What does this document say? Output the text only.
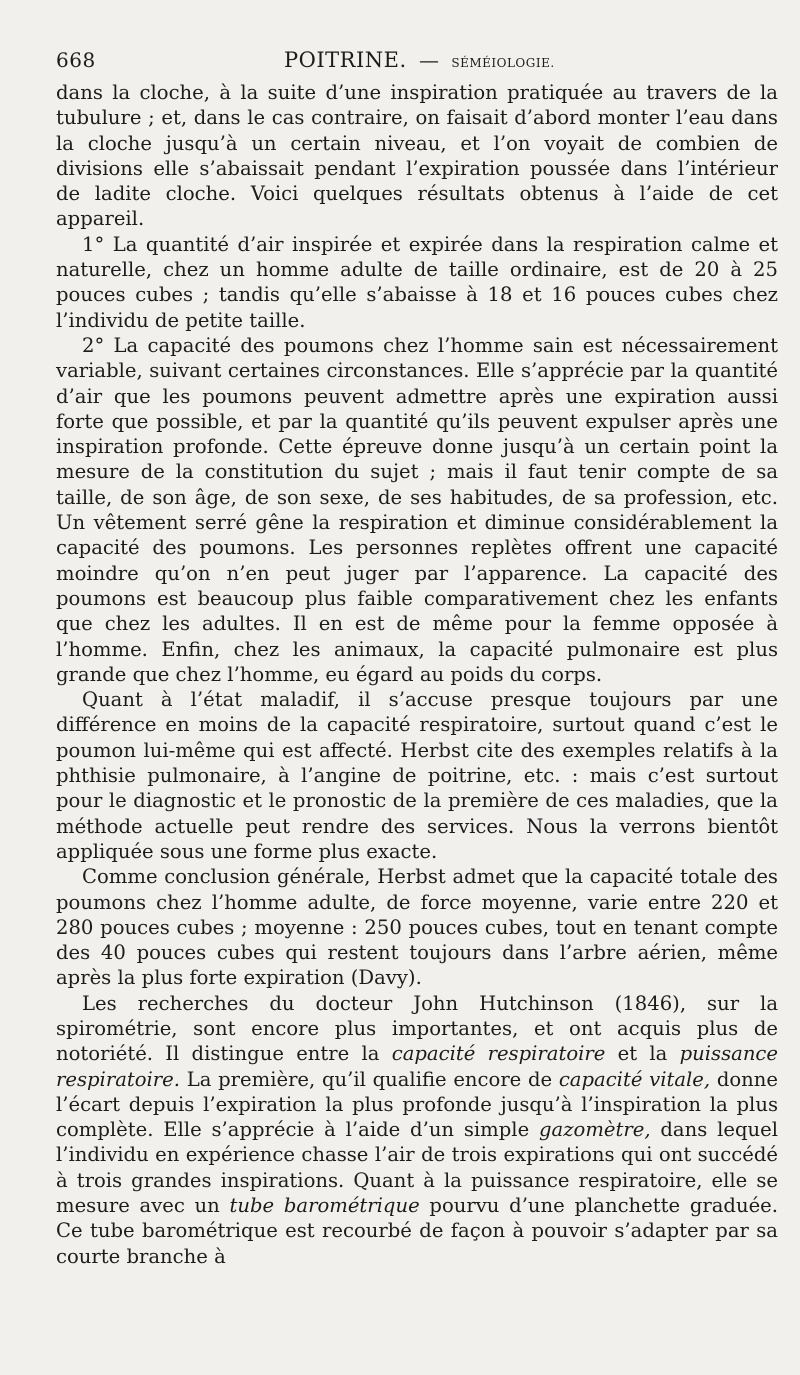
668	POITRINE. — SÉMÉIOLOGIE.

dans la cloche, à la suite d’une inspiration pratiquée au travers de la tubulure ; et, dans le cas contraire, on faisait d’abord monter l’eau dans la cloche jusqu’à un certain niveau, et l’on voyait de combien de divisions elle s’abaissait pendant l’expiration poussée dans l’intérieur de ladite cloche. Voici quelques résultats obtenus à l’aide de cet appareil.

1° La quantité d’air inspirée et expirée dans la respiration calme et naturelle, chez un homme adulte de taille ordinaire, est de 20 à 25 pouces cubes ; tandis qu’elle s’abaisse à 18 et 16 pouces cubes chez l’individu de petite taille.

2° La capacité des poumons chez l’homme sain est nécessairement variable, suivant certaines circonstances. Elle s’apprécie par la quantité d’air que les poumons peuvent admettre après une expiration aussi forte que possible, et par la quantité qu’ils peuvent expulser après une inspiration profonde. Cette épreuve donne jusqu’à un certain point la mesure de la constitution du sujet ; mais il faut tenir compte de sa taille, de son âge, de son sexe, de ses habitudes, de sa profession, etc. Un vêtement serré gêne la respiration et diminue considérablement la capacité des poumons. Les personnes replètes offrent une capacité moindre qu’on n’en peut juger par l’apparence. La capacité des poumons est beaucoup plus faible comparativement chez les enfants que chez les adultes. Il en est de même pour la femme opposée à l’homme. Enfin, chez les animaux, la capacité pulmonaire est plus grande que chez l’homme, eu égard au poids du corps.

Quant à l’état maladif, il s’accuse presque toujours par une différence en moins de la capacité respiratoire, surtout quand c’est le poumon lui-même qui est affecté. Herbst cite des exemples relatifs à la phthisie pulmonaire, à l’angine de poitrine, etc. : mais c’est surtout pour le diagnostic et le pronostic de la première de ces maladies, que la méthode actuelle peut rendre des services. Nous la verrons bientôt appliquée sous une forme plus exacte.

Comme conclusion générale, Herbst admet que la capacité totale des poumons chez l’homme adulte, de force moyenne, varie entre 220 et 280 pouces cubes ; moyenne : 250 pouces cubes, tout en tenant compte des 40 pouces cubes qui restent toujours dans l’arbre aérien, même après la plus forte expiration (Davy).

Les recherches du docteur John Hutchinson (1846), sur la spirométrie, sont encore plus importantes, et ont acquis plus de notoriété. Il distingue entre la capacité respiratoire et la puissance respiratoire. La première, qu’il qualifie encore de capacité vitale, donne l’écart depuis l’expiration la plus profonde jusqu’à l’inspiration la plus complète. Elle s’apprécie à l’aide d’un simple gazomètre, dans lequel l’individu en expérience chasse l’air de trois expirations qui ont succédé à trois grandes inspirations. Quant à la puissance respiratoire, elle se mesure avec un tube barométrique pourvu d’une planchette graduée. Ce tube barométrique est recourbé de façon à pouvoir s’adapter par sa courte branche à
